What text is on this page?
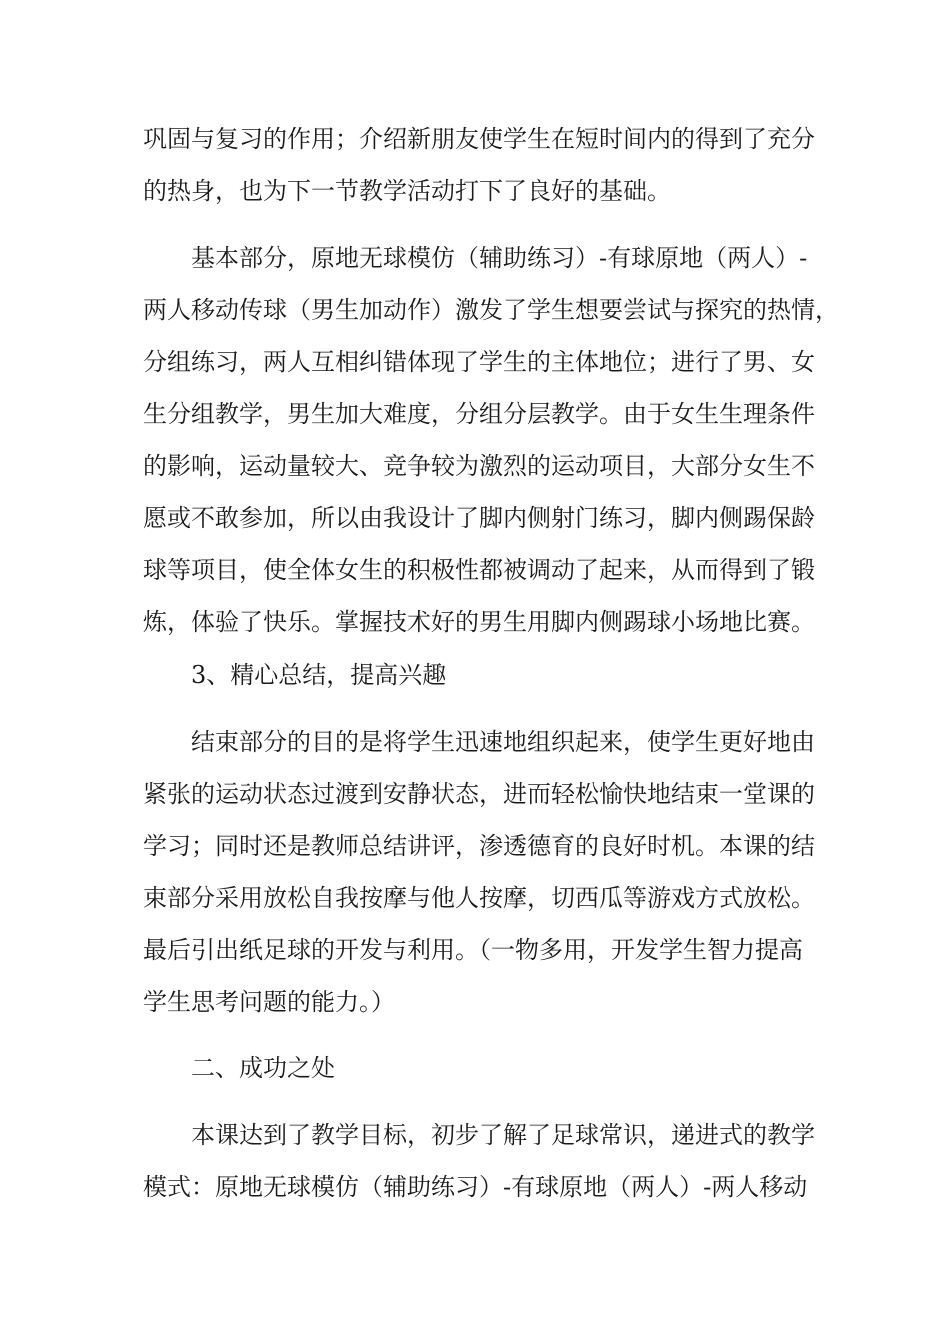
巩固与复习的作用；介绍新朋友使学生在短时间内的得到了充分
的热身，也为下一节教学活动打下了良好的基础。
基本部分，原地无球模仿（辅助练习）-有球原地（两人）-
两人移动传球（男生加动作）激发了学生想要尝试与探究的热情，
分组练习，两人互相纠错体现了学生的主体地位；进行了男、女
生分组教学，男生加大难度，分组分层教学。由于女生生理条件
的影响，运动量较大、竞争较为激烈的运动项目，大部分女生不
愿或不敢参加，所以由我设计了脚内侧射门练习，脚内侧踢保龄
球等项目，使全体女生的积极性都被调动了起来，从而得到了锻
炼，体验了快乐。掌握技术好的男生用脚内侧踢球小场地比赛。
3、精心总结，提高兴趣
结束部分的目的是将学生迅速地组织起来，使学生更好地由
紧张的运动状态过渡到安静状态，进而轻松愉快地结束一堂课的
学习；同时还是教师总结讲评，渗透德育的良好时机。本课的结
束部分采用放松自我按摩与他人按摩，切西瓜等游戏方式放松。
最后引出纸足球的开发与利用。（一物多用，开发学生智力提高
学生思考问题的能力。）
二、成功之处
本课达到了教学目标，初步了解了足球常识，递进式的教学
模式：原地无球模仿（辅助练习）-有球原地（两人）-两人移动
